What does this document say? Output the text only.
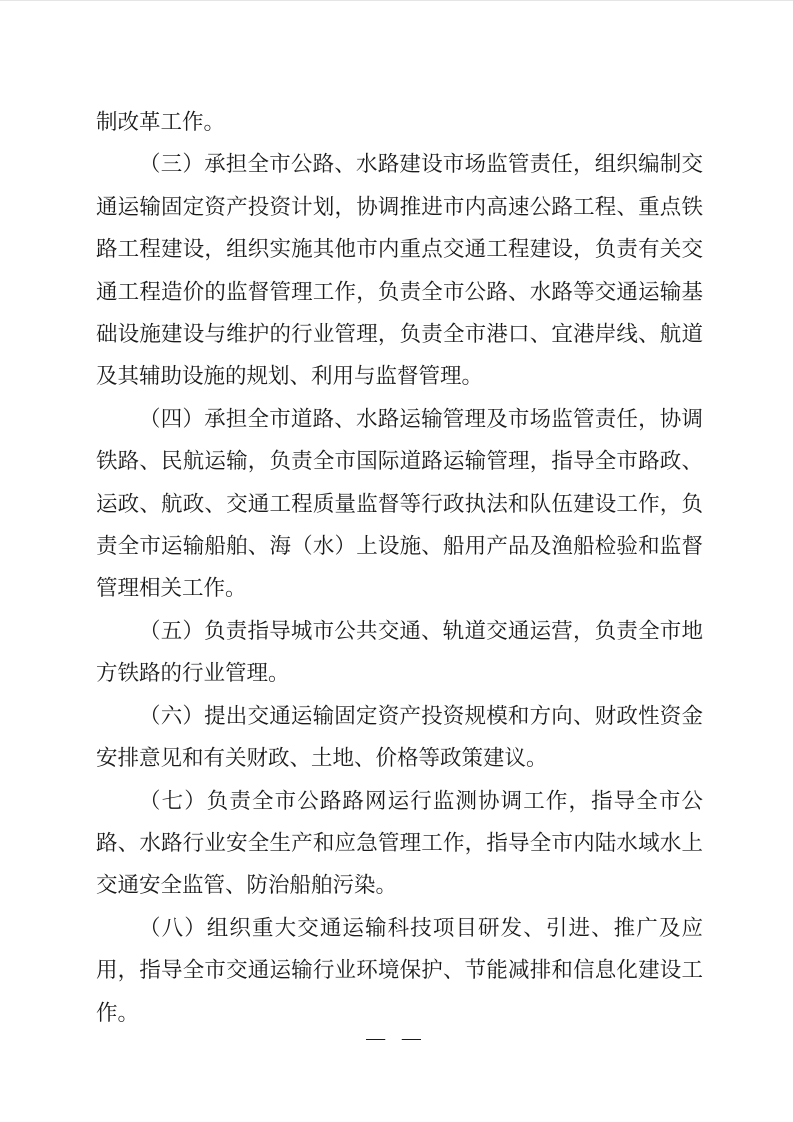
制改革工作。

（三）承担全市公路、水路建设市场监管责任，组织编制交通运输固定资产投资计划，协调推进市内高速公路工程、重点铁路工程建设，组织实施其他市内重点交通工程建设，负责有关交通工程造价的监督管理工作，负责全市公路、水路等交通运输基础设施建设与维护的行业管理，负责全市港口、宜港岸线、航道及其辅助设施的规划、利用与监督管理。

（四）承担全市道路、水路运输管理及市场监管责任，协调铁路、民航运输，负责全市国际道路运输管理，指导全市路政、运政、航政、交通工程质量监督等行政执法和队伍建设工作，负责全市运输船舶、海（水）上设施、船用产品及渔船检验和监督管理相关工作。

（五）负责指导城市公共交通、轨道交通运营，负责全市地方铁路的行业管理。

（六）提出交通运输固定资产投资规模和方向、财政性资金安排意见和有关财政、土地、价格等政策建议。

（七）负责全市公路路网运行监测协调工作，指导全市公路、水路行业安全生产和应急管理工作，指导全市内陆水域水上交通安全监管、防治船舶污染。

（八）组织重大交通运输科技项目研发、引进、推广及应用，指导全市交通运输行业环境保护、节能减排和信息化建设工作。

— —
